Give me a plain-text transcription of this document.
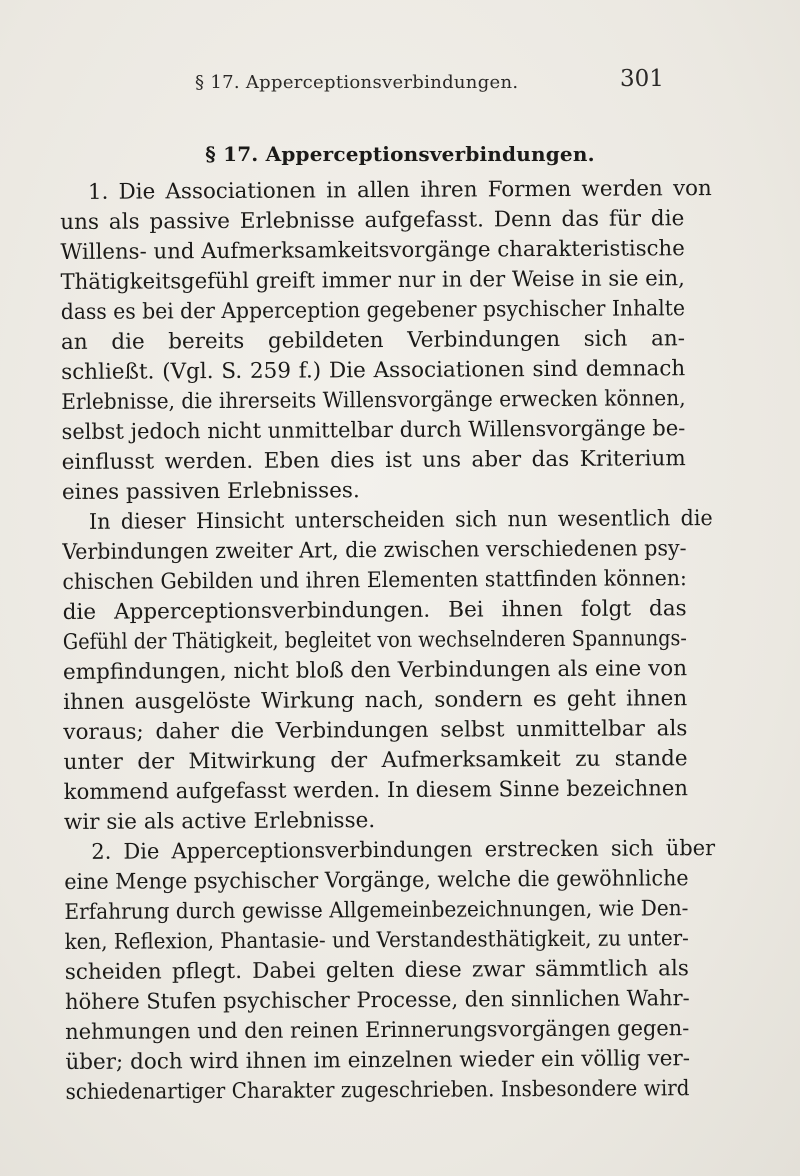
§ 17. Apperceptionsverbindungen.	301
§ 17. Apperceptionsverbindungen.
1. Die Associationen in allen ihren Formen werden von
uns als passive Erlebnisse aufgefasst. Denn das für die
Willens- und Aufmerksamkeitsvorgänge charakteristische
Thätigkeitsgefühl greift immer nur in der Weise in sie ein,
dass es bei der Apperception gegebener psychischer Inhalte
an die bereits gebildeten Verbindungen sich an-
schließt. (Vgl. S. 259 f.) Die Associationen sind demnach
Erlebnisse, die ihrerseits Willensvorgänge erwecken können,
selbst jedoch nicht unmittelbar durch Willensvorgänge be-
einflusst werden. Eben dies ist uns aber das Kriterium
eines passiven Erlebnisses.
In dieser Hinsicht unterscheiden sich nun wesentlich die
Verbindungen zweiter Art, die zwischen verschiedenen psy-
chischen Gebilden und ihren Elementen stattfinden können:
die Apperceptionsverbindungen. Bei ihnen folgt das
Gefühl der Thätigkeit, begleitet von wechselnderen Spannungs-
empfindungen, nicht bloß den Verbindungen als eine von
ihnen ausgelöste Wirkung nach, sondern es geht ihnen
voraus; daher die Verbindungen selbst unmittelbar als
unter der Mitwirkung der Aufmerksamkeit zu stande
kommend aufgefasst werden. In diesem Sinne bezeichnen
wir sie als active Erlebnisse.
2. Die Apperceptionsverbindungen erstrecken sich über
eine Menge psychischer Vorgänge, welche die gewöhnliche
Erfahrung durch gewisse Allgemeinbezeichnungen, wie Den-
ken, Reflexion, Phantasie- und Verstandesthätigkeit, zu unter-
scheiden pflegt. Dabei gelten diese zwar sämmtlich als
höhere Stufen psychischer Processe, den sinnlichen Wahr-
nehmungen und den reinen Erinnerungsvorgängen gegen-
über; doch wird ihnen im einzelnen wieder ein völlig ver-
schiedenartiger Charakter zugeschrieben. Insbesondere wird
